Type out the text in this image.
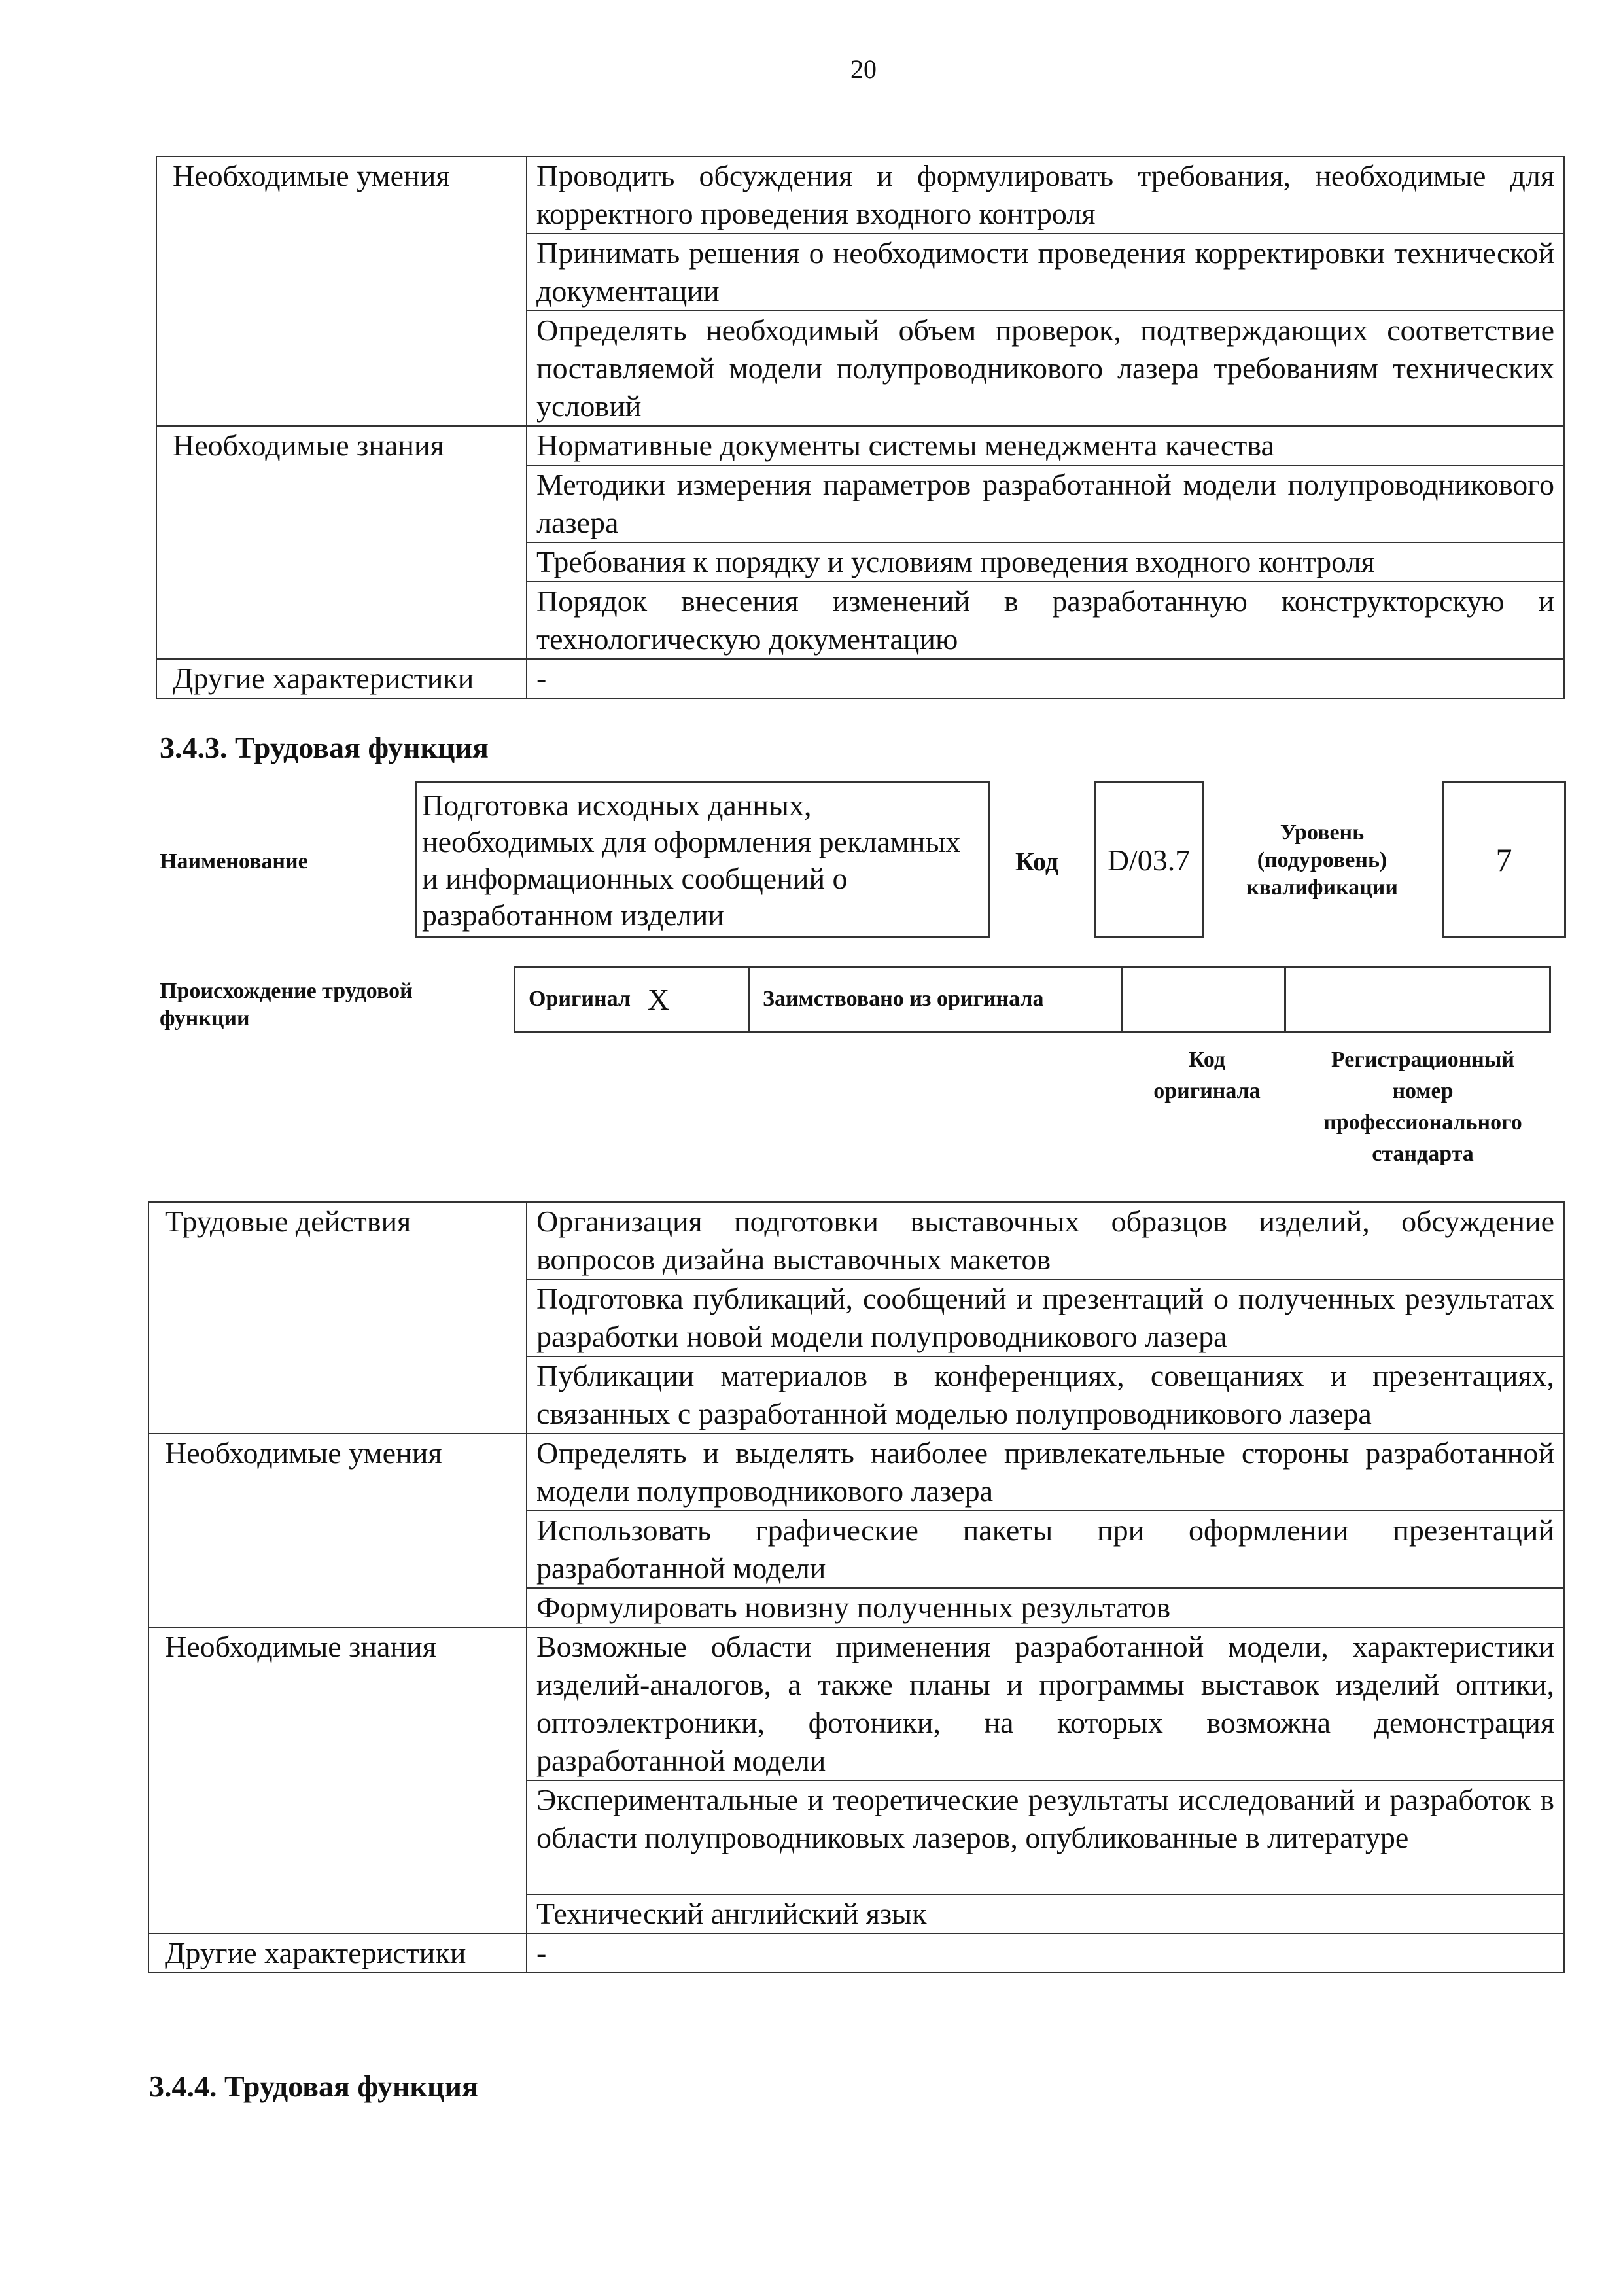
20
Необходимые умения	Проводить обсуждения и формулировать требования, необходимые для корректного проведения входного контроля
	Принимать решения о необходимости проведения корректировки технической документации
	Определять необходимый объем проверок, подтверждающих соответствие поставляемой модели полупроводникового лазера требованиям технических условий
Необходимые знания	Нормативные документы системы менеджмента качества
	Методики измерения параметров разработанной модели полупроводникового лазера
	Требования к порядку и условиям проведения входного контроля
	Порядок внесения изменений в разработанную конструкторскую и технологическую документацию
Другие характеристики	-
3.4.3. Трудовая функция
Наименование
Подготовка исходных данных, необходимых для оформления рекламных и информационных сообщений о разработанном изделии
Код D/03.7
Уровень (подуровень) квалификации
7
Происхождение трудовой функции
Оригинал X	Заимствовано из оригинала
Код оригинала
Регистрационный номер профессионального стандарта
Трудовые действия	Организация подготовки выставочных образцов изделий, обсуждение вопросов дизайна выставочных макетов
	Подготовка публикаций, сообщений и презентаций о полученных результатах разработки новой модели полупроводникового лазера
	Публикации материалов в конференциях, совещаниях и презентациях, связанных с разработанной моделью полупроводникового лазера
Необходимые умения	Определять и выделять наиболее привлекательные стороны разработанной модели полупроводникового лазера
	Использовать графические пакеты при оформлении презентаций разработанной модели
	Формулировать новизну полученных результатов
Необходимые знания	Возможные области применения разработанной модели, характеристики изделий-аналогов, а также планы и программы выставок изделий оптики, оптоэлектроники, фотоники, на которых возможна демонстрация разработанной модели
	Экспериментальные и теоретические результаты исследований и разработок в области полупроводниковых лазеров, опубликованные в литературе
	Технический английский язык
Другие характеристики	-
3.4.4. Трудовая функция
